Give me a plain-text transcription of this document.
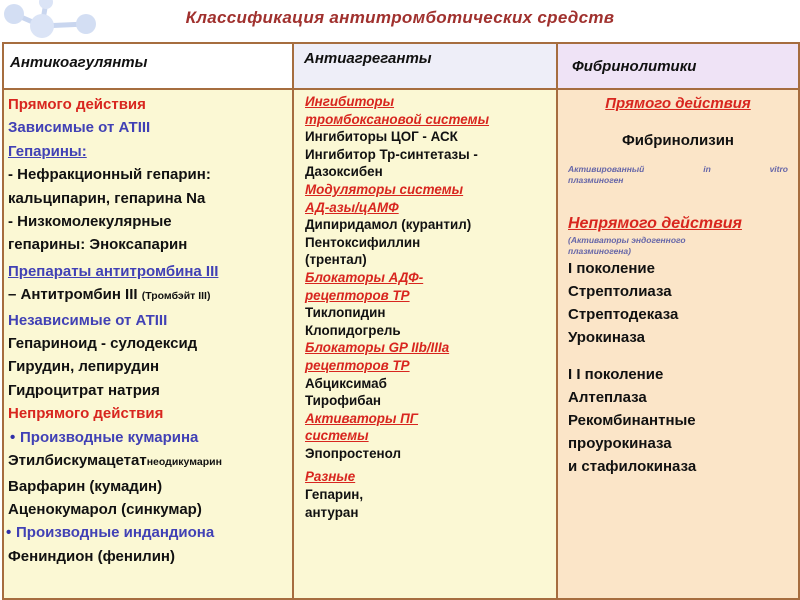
Классификация антитромботических средств
Антикоагулянты
Прямого действия
Зависимые от АТIII
Гепарины:
- Нефракционный гепарин:
кальципарин, гепарина Na
- Низкомолекулярные
гепарины: Эноксапарин
Препараты антитромбина III
– Антитромбин III (Тромбэйт III)
Независимые от АТIII
Гепариноид - сулодексид
Гирудин, лепирудин
Гидроцитрат натрия
Непрямого действия
• Производные кумарина
Этилбискумацетатнеодикумарин
Варфарин (кумадин)
Аценокумарол (синкумар)
• Производные индандиона
Фениндион (фенилин)
Антиагреганты
Ингибиторы
тромбоксановой системы
Ингибиторы ЦОГ - АСК
Ингибитор Тр-синтетазы -
Дазоксибен
Модуляторы системы
АД-азы/цАМФ
Дипиридамол (курантил)
Пентоксифиллин
(трентал)
Блокаторы АДФ-
рецепторов ТР
Тиклопидин
Клопидогрель
Блокаторы GP IIb/IIIa
рецепторов ТР
Абциксимаб
Тирофибан
Активаторы ПГ
системы
Эпопростенол
Разные
Гепарин,
антуран
Фибринолитики
Прямого действия
Фибринолизин
Активированный	in	vitro
плазминоген
Непрямого действия
(Активаторы эндогенного
плазминогена)
I поколение
Стрептолиаза
Стрептодеказа
Урокиназа
I I поколение
Алтеплаза
Рекомбинантные
проурокиназа
и стафилокиназа
